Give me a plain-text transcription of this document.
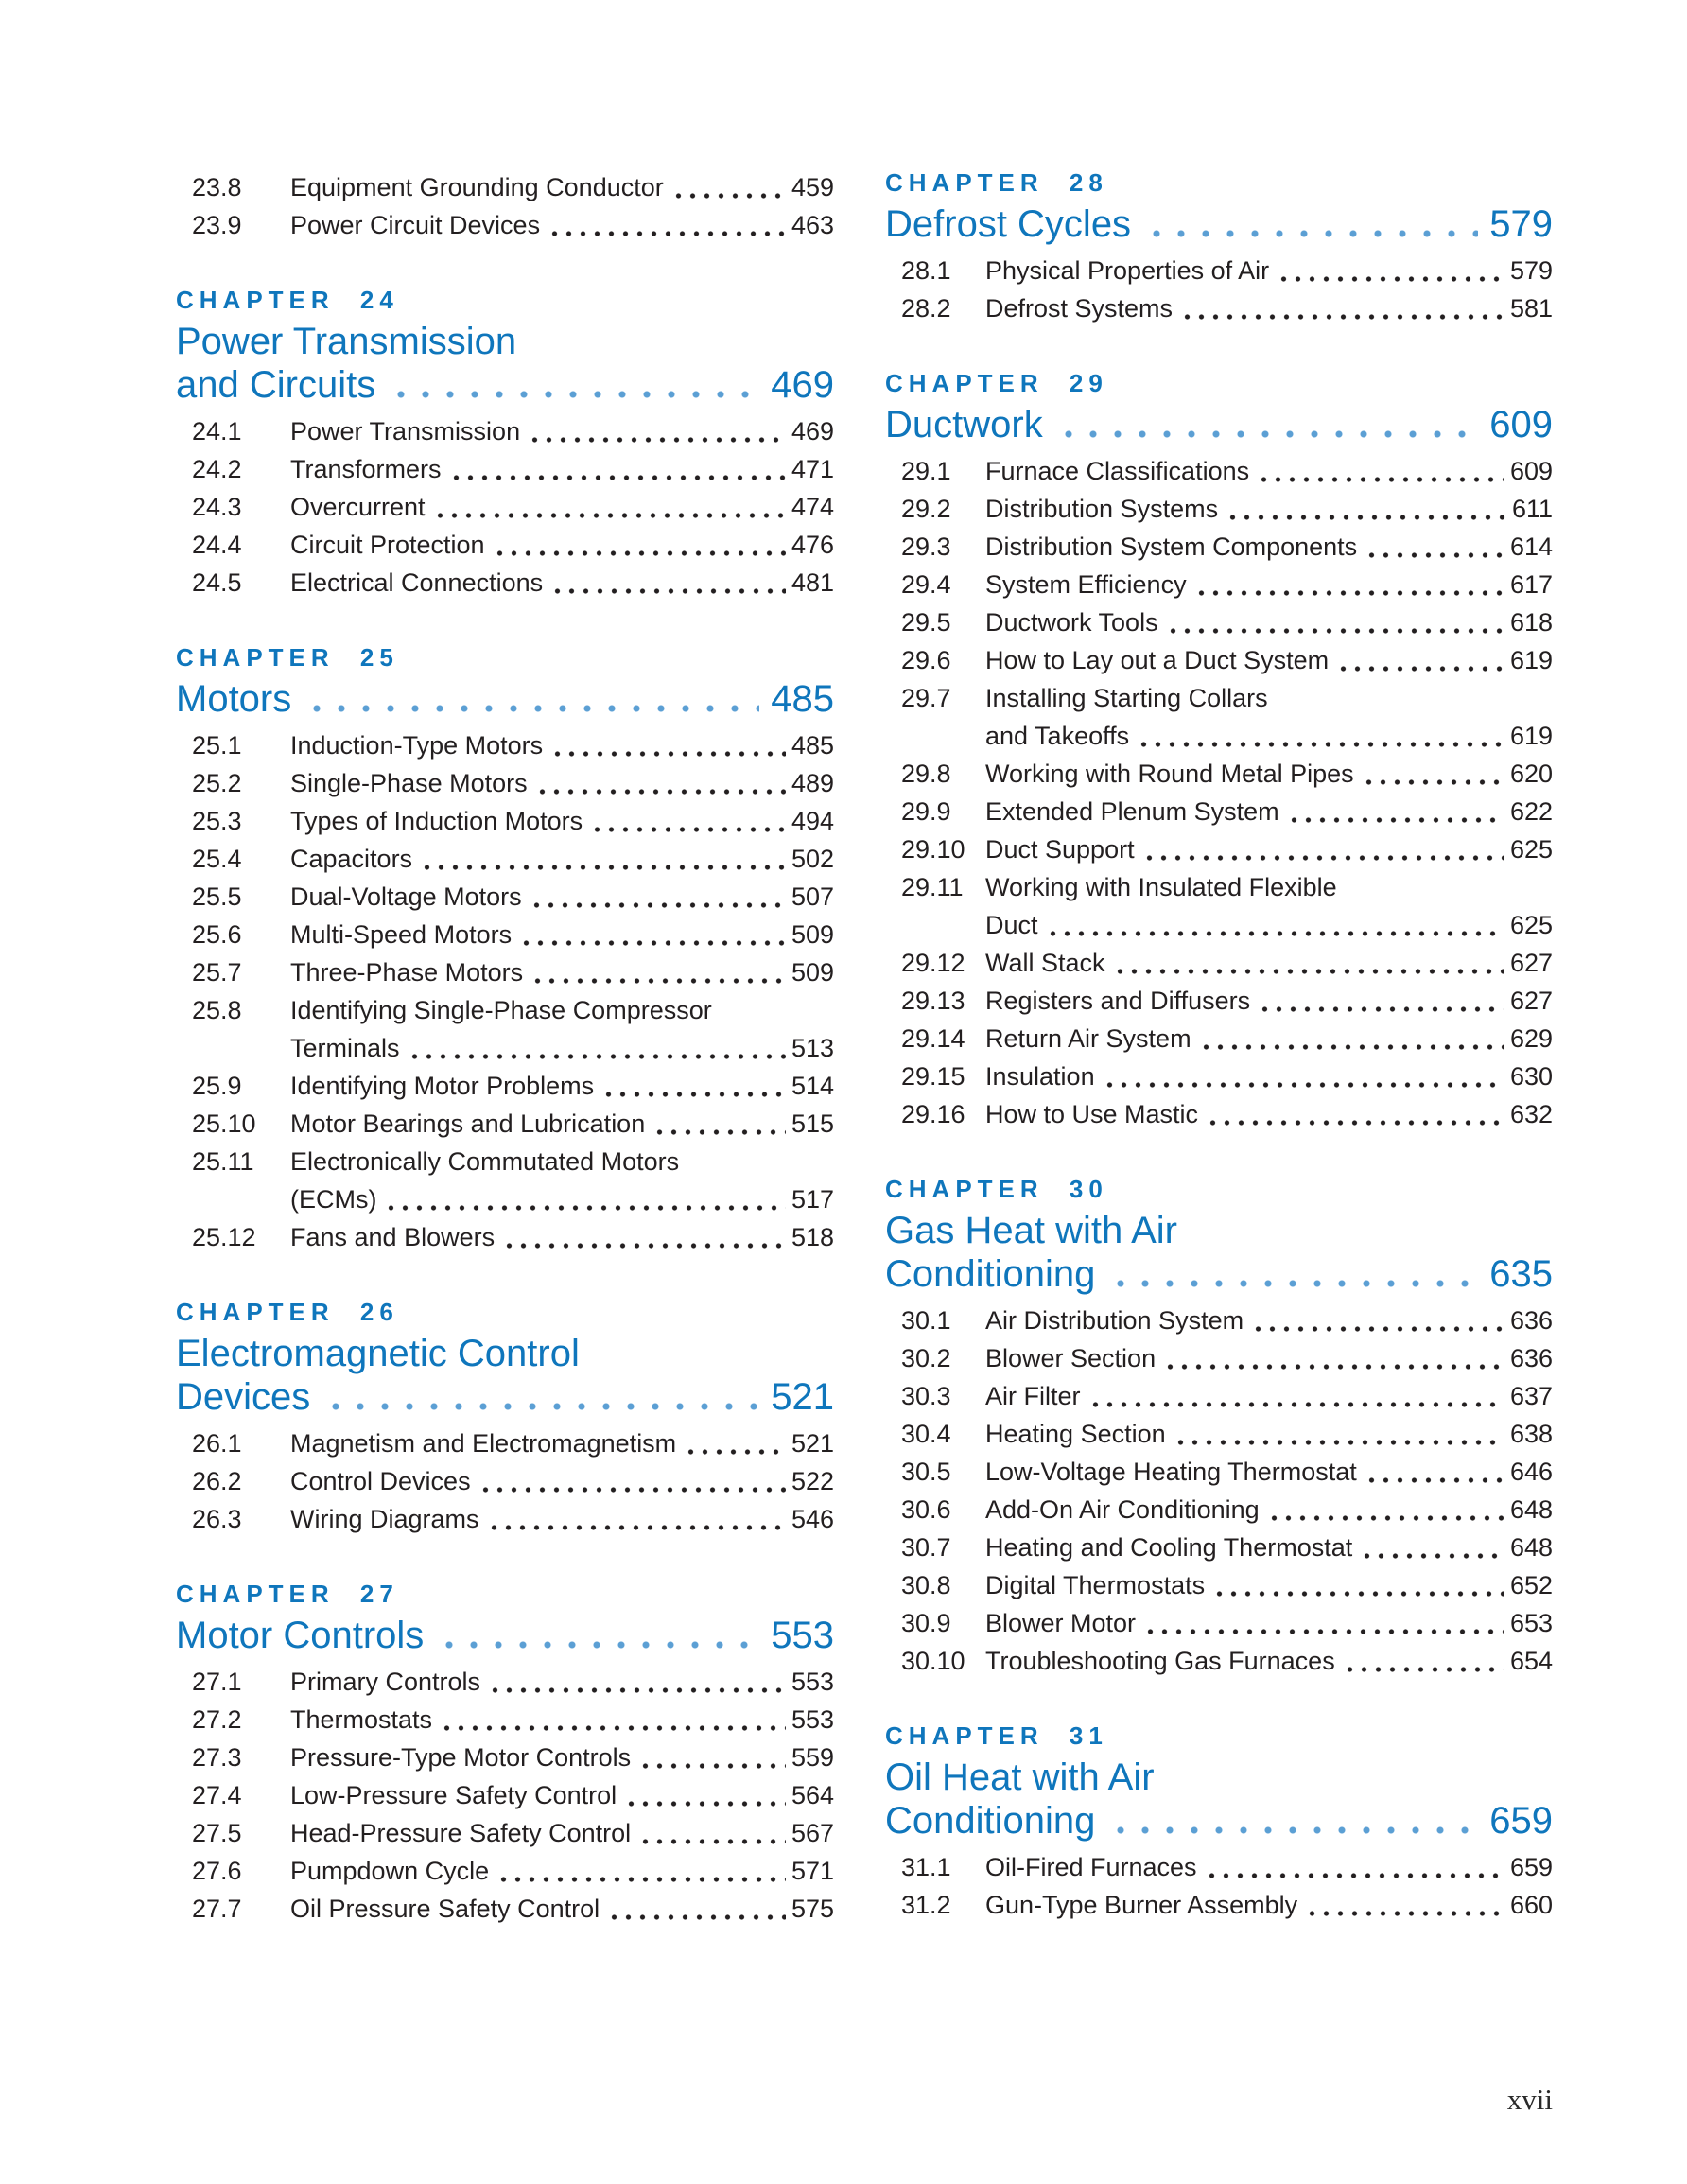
23.8	Equipment Grounding Conductor	459
23.9	Power Circuit Devices	463
CHAPTER 24
Power Transmission
and Circuits	469
24.1	Power Transmission	469
24.2	Transformers	471
24.3	Overcurrent	474
24.4	Circuit Protection	476
24.5	Electrical Connections	481
CHAPTER 25
Motors	485
25.1	Induction-Type Motors	485
25.2	Single-Phase Motors	489
25.3	Types of Induction Motors	494
25.4	Capacitors	502
25.5	Dual-Voltage Motors	507
25.6	Multi-Speed Motors	509
25.7	Three-Phase Motors	509
25.8	Identifying Single-Phase Compressor
Terminals	513
25.9	Identifying Motor Problems	514
25.10	Motor Bearings and Lubrication	515
25.11	Electronically Commutated Motors
(ECMs)	517
25.12	Fans and Blowers	518
CHAPTER 26
Electromagnetic Control
Devices	521
26.1	Magnetism and Electromagnetism	521
26.2	Control Devices	522
26.3	Wiring Diagrams	546
CHAPTER 27
Motor Controls	553
27.1	Primary Controls	553
27.2	Thermostats	553
27.3	Pressure-Type Motor Controls	559
27.4	Low-Pressure Safety Control	564
27.5	Head-Pressure Safety Control	567
27.6	Pumpdown Cycle	571
27.7	Oil Pressure Safety Control	575
CHAPTER 28
Defrost Cycles	579
28.1	Physical Properties of Air	579
28.2	Defrost Systems	581
CHAPTER 29
Ductwork	609
29.1	Furnace Classifications	609
29.2	Distribution Systems	611
29.3	Distribution System Components	614
29.4	System Efficiency	617
29.5	Ductwork Tools	618
29.6	How to Lay out a Duct System	619
29.7	Installing Starting Collars
and Takeoffs	619
29.8	Working with Round Metal Pipes	620
29.9	Extended Plenum System	622
29.10 Duct Support	625
29.11 Working with Insulated Flexible
Duct	625
29.12 Wall Stack	627
29.13 Registers and Diffusers	627
29.14 Return Air System	629
29.15 Insulation	630
29.16 How to Use Mastic	632
CHAPTER 30
Gas Heat with Air
Conditioning	635
30.1	Air Distribution System	636
30.2	Blower Section	636
30.3	Air Filter	637
30.4	Heating Section	638
30.5	Low-Voltage Heating Thermostat	646
30.6	Add-On Air Conditioning	648
30.7	Heating and Cooling Thermostat	648
30.8	Digital Thermostats	652
30.9	Blower Motor	653
30.10 Troubleshooting Gas Furnaces	654
CHAPTER 31
Oil Heat with Air
Conditioning	659
31.1	Oil-Fired Furnaces	659
31.2	Gun-Type Burner Assembly	660
xvii
